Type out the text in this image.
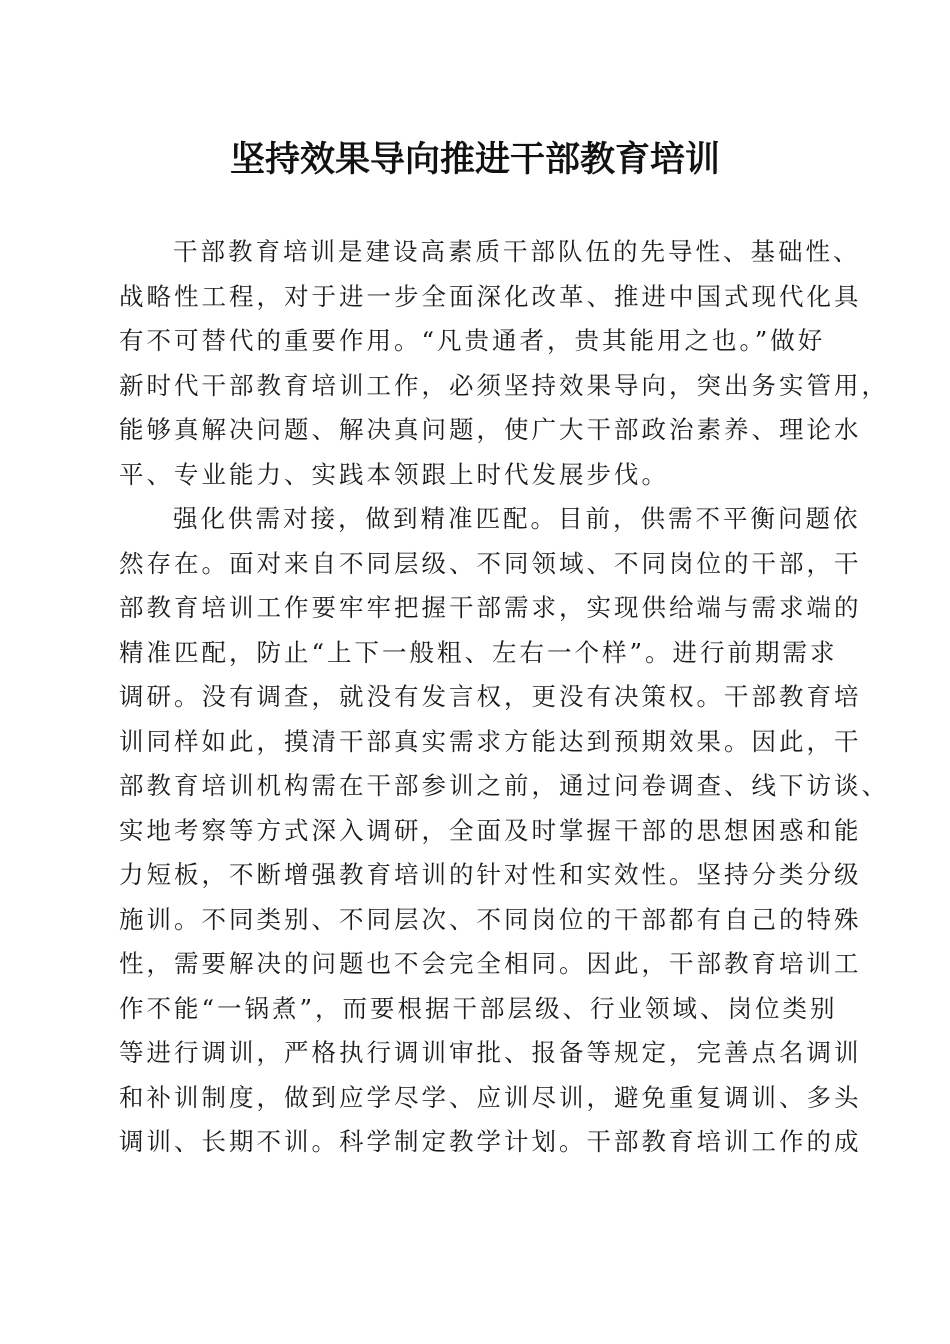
坚持效果导向推进干部教育培训
干部教育培训是建设高素质干部队伍的先导性、基础性、
战略性工程，对于进一步全面深化改革、推进中国式现代化具
有不可替代的重要作用。“凡贵通者，贵其能用之也。”做好
新时代干部教育培训工作，必须坚持效果导向，突出务实管用，
能够真解决问题、解决真问题，使广大干部政治素养、理论水
平、专业能力、实践本领跟上时代发展步伐。
强化供需对接，做到精准匹配。目前，供需不平衡问题依
然存在。面对来自不同层级、不同领域、不同岗位的干部，干
部教育培训工作要牢牢把握干部需求，实现供给端与需求端的
精准匹配，防止“上下一般粗、左右一个样”。进行前期需求
调研。没有调查，就没有发言权，更没有决策权。干部教育培
训同样如此，摸清干部真实需求方能达到预期效果。因此，干
部教育培训机构需在干部参训之前，通过问卷调查、线下访谈、
实地考察等方式深入调研，全面及时掌握干部的思想困惑和能
力短板，不断增强教育培训的针对性和实效性。坚持分类分级
施训。不同类别、不同层次、不同岗位的干部都有自己的特殊
性，需要解决的问题也不会完全相同。因此，干部教育培训工
作不能“一锅煮”，而要根据干部层级、行业领域、岗位类别
等进行调训，严格执行调训审批、报备等规定，完善点名调训
和补训制度，做到应学尽学、应训尽训，避免重复调训、多头
调训、长期不训。科学制定教学计划。干部教育培训工作的成
